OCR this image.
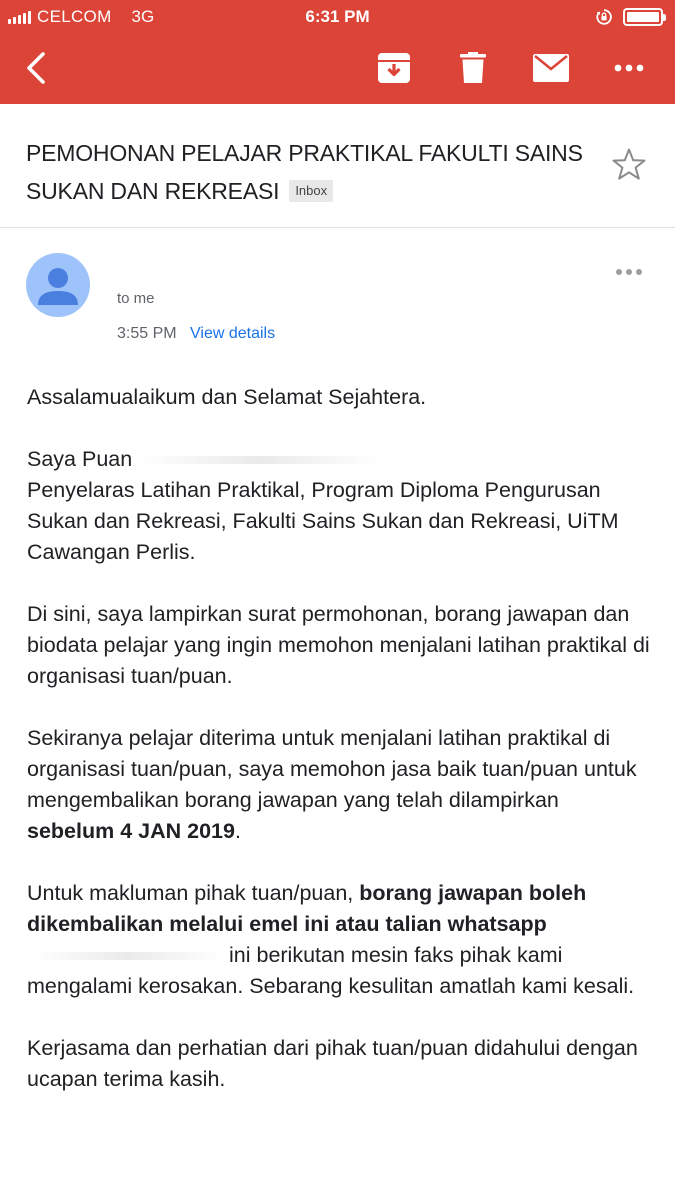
CELCOM 3G	6:31 PM
PEMOHONAN PELAJAR PRAKTIKAL FAKULTI SAINS SUKAN DAN REKREASI Inbox
to me
3:55 PM View details

Assalamualaikum dan Selamat Sejahtera.

Saya Puan
Penyelaras Latihan Praktikal, Program Diploma Pengurusan Sukan dan Rekreasi, Fakulti Sains Sukan dan Rekreasi, UiTM Cawangan Perlis.

Di sini, saya lampirkan surat permohonan, borang jawapan dan biodata pelajar yang ingin memohon menjalani latihan praktikal di organisasi tuan/puan.

Sekiranya pelajar diterima untuk menjalani latihan praktikal di organisasi tuan/puan, saya memohon jasa baik tuan/puan untuk mengembalikan borang jawapan yang telah dilampirkan sebelum 4 JAN 2019.

Untuk makluman pihak tuan/puan, borang jawapan boleh dikembalikan melalui emel ini atau talian whatsappini berikutan mesin faks pihak kami mengalami kerosakan. Sebarang kesulitan amatlah kami kesali.

Kerjasama dan perhatian dari pihak tuan/puan didahului dengan ucapan terima kasih.
